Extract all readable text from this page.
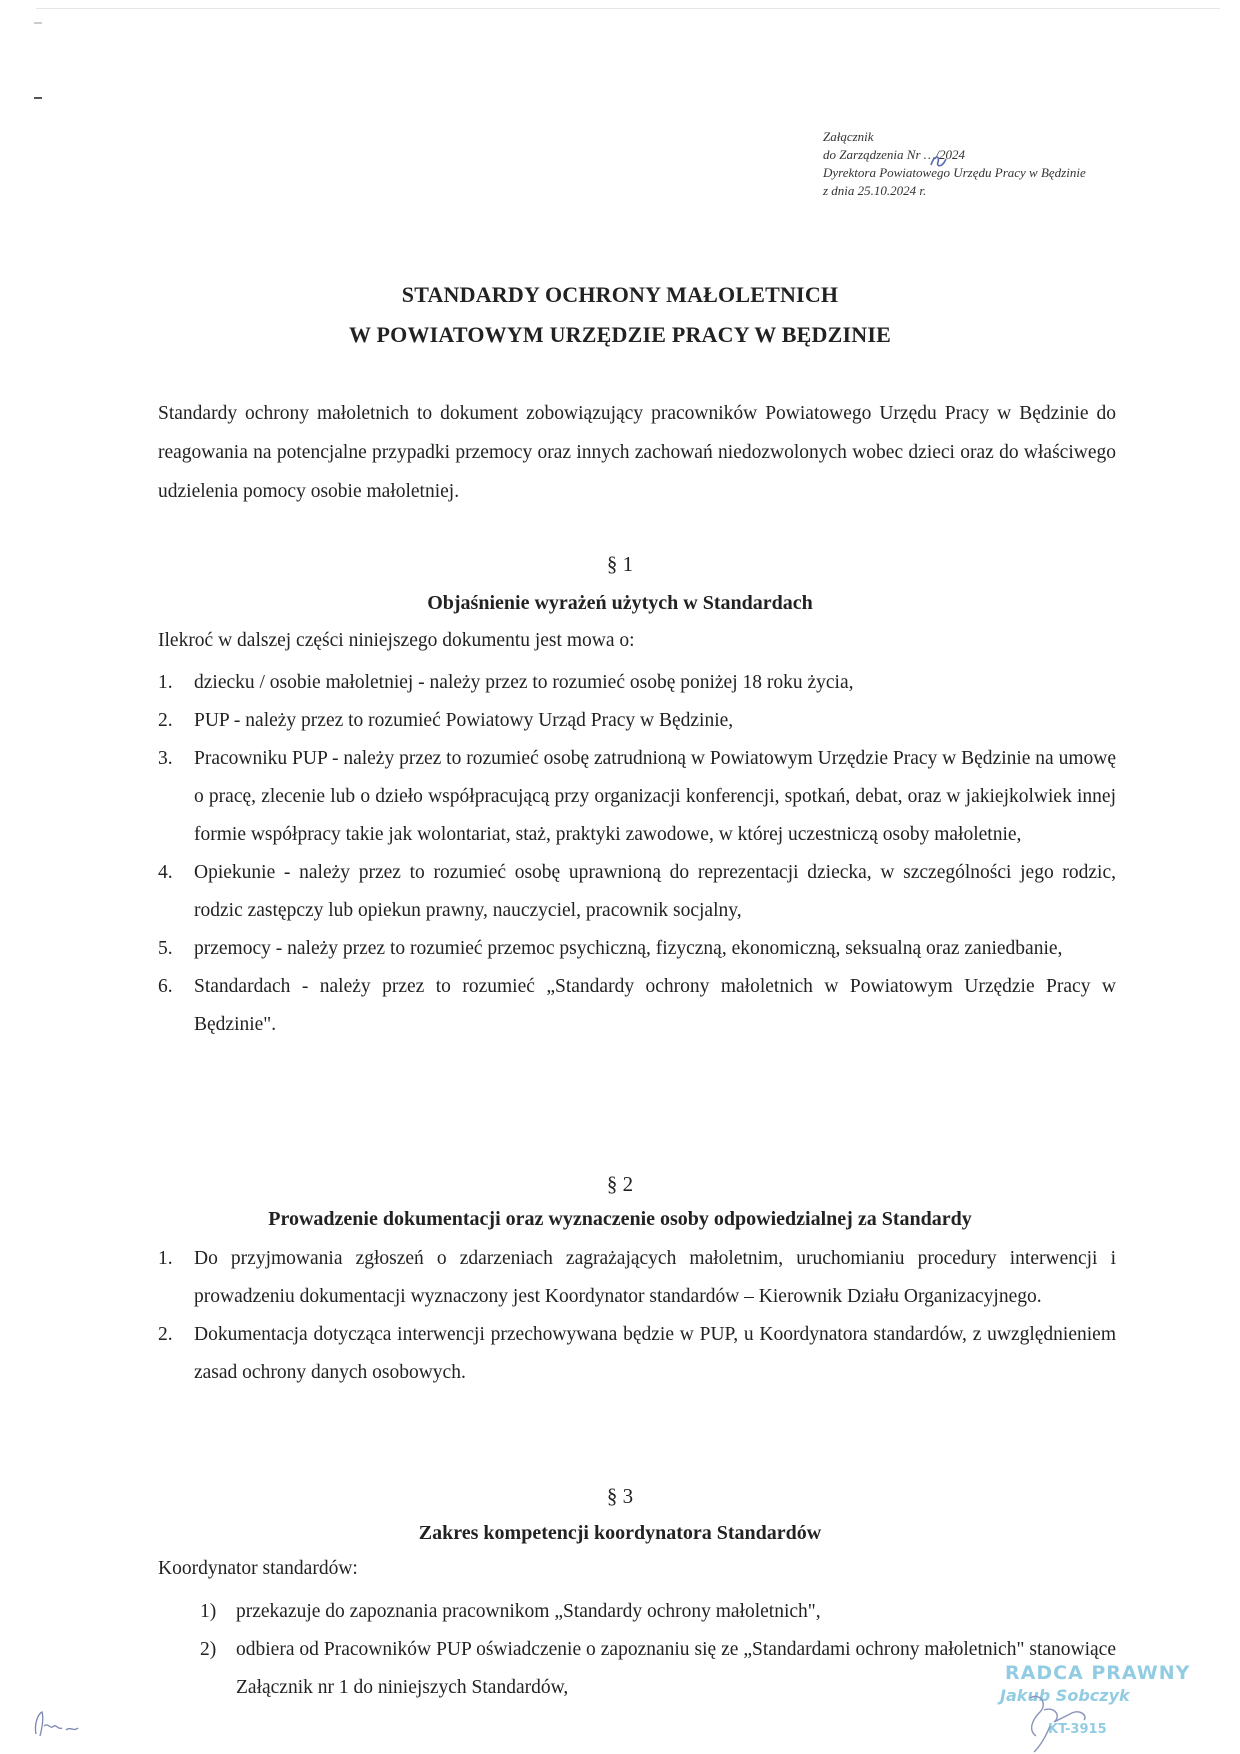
Załącznik
do Zarządzenia Nr …/2024
Dyrektora Powiatowego Urzędu Pracy w Będzinie
z dnia 25.10.2024 r.
STANDARDY OCHRONY MAŁOLETNICH
W POWIATOWYM URZĘDZIE PRACY W BĘDZINIE
Standardy ochrony małoletnich to dokument zobowiązujący pracowników Powiatowego Urzędu Pracy w Będzinie do reagowania na potencjalne przypadki przemocy oraz innych zachowań niedozwolonych wobec dzieci oraz do właściwego udzielenia pomocy osobie małoletniej.
§ 1
Objaśnienie wyrażeń użytych w Standardach
Ilekroć w dalszej części niniejszego dokumentu jest mowa o:
1. dziecku / osobie małoletniej - należy przez to rozumieć osobę poniżej 18 roku życia,
2. PUP - należy przez to rozumieć Powiatowy Urząd Pracy w Będzinie,
3. Pracowniku PUP - należy przez to rozumieć osobę zatrudnioną w Powiatowym Urzędzie Pracy w Będzinie na umowę o pracę, zlecenie lub o dzieło współpracującą przy organizacji konferencji, spotkań, debat, oraz w jakiejkolwiek innej formie współpracy takie jak wolontariat, staż, praktyki zawodowe, w której uczestniczą osoby małoletnie,
4. Opiekunie - należy przez to rozumieć osobę uprawnioną do reprezentacji dziecka, w szczególności jego rodzic, rodzic zastępczy lub opiekun prawny, nauczyciel, pracownik socjalny,
5. przemocy - należy przez to rozumieć przemoc psychiczną, fizyczną, ekonomiczną, seksualną oraz zaniedbanie,
6. Standardach - należy przez to rozumieć „Standardy ochrony małoletnich w Powiatowym Urzędzie Pracy w Będzinie".
§ 2
Prowadzenie dokumentacji oraz wyznaczenie osoby odpowiedzialnej za Standardy
1. Do przyjmowania zgłoszeń o zdarzeniach zagrażających małoletnim, uruchomianiu procedury interwencji i prowadzeniu dokumentacji wyznaczony jest Koordynator standardów – Kierownik Działu Organizacyjnego.
2. Dokumentacja dotycząca interwencji przechowywana będzie w PUP, u Koordynatora standardów, z uwzględnieniem zasad ochrony danych osobowych.
§ 3
Zakres kompetencji koordynatora Standardów
Koordynator standardów:
1) przekazuje do zapoznania pracownikom „Standardy ochrony małoletnich",
2) odbiera od Pracowników PUP oświadczenie o zapoznaniu się ze „Standardami ochrony małoletnich" stanowiące Załącznik nr 1 do niniejszych Standardów,
RADCA PRAWNY
Jakub Sobczyk
KT-3915
